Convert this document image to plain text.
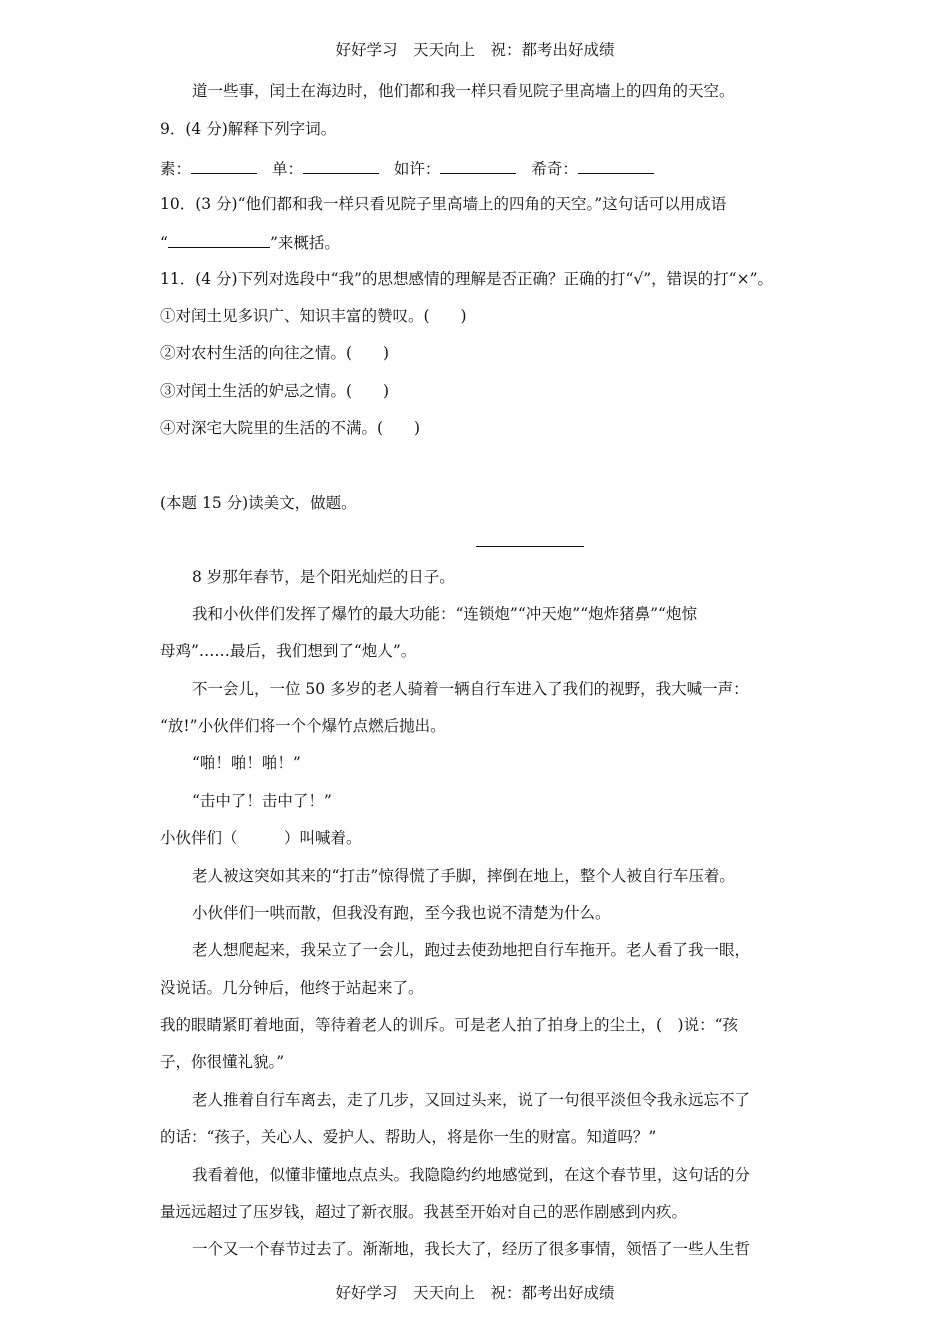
好好学习　天天向上　祝：都考出好成绩
道一些事，闰土在海边时，他们都和我一样只看见院子里高墙上的四角的天空。
9．(4 分)解释下列字词。
素：	单：	如许：	希奇：
10．(3 分)“他们都和我一样只看见院子里高墙上的四角的天空。”这句话可以用成语
“	”来概括。
11．(4 分)下列对选段中“我”的思想感情的理解是否正确？正确的打“√”，错误的打“×”。
①对闰土见多识广、知识丰富的赞叹。(　　)
②对农村生活的向往之情。(　　)
③对闰土生活的妒忌之情。(　　)
④对深宅大院里的生活的不满。(　　)
(本题 15 分)读美文，做题。
8 岁那年春节，是个阳光灿烂的日子。
我和小伙伴们发挥了爆竹的最大功能：“连锁炮”“冲天炮”“炮炸猪鼻”“炮惊
母鸡”……最后，我们想到了“炮人”。
不一会儿，一位 50 多岁的老人骑着一辆自行车进入了我们的视野，我大喊一声：
“放!”小伙伴们将一个个爆竹点燃后抛出。
“啪！啪！啪！”
“击中了！击中了！”
小伙伴们（　　　）叫喊着。
老人被这突如其来的“打击”惊得慌了手脚，摔倒在地上，整个人被自行车压着。
小伙伴们一哄而散，但我没有跑，至今我也说不清楚为什么。
老人想爬起来，我呆立了一会儿，跑过去使劲地把自行车拖开。老人看了我一眼，
没说话。几分钟后，他终于站起来了。
我的眼睛紧盯着地面，等待着老人的训斥。可是老人拍了拍身上的尘土，(　)说：“孩
子，你很懂礼貌。”
老人推着自行车离去，走了几步，又回过头来，说了一句很平淡但令我永远忘不了
的话：“孩子，关心人、爱护人、帮助人，将是你一生的财富。知道吗？”
我看着他，似懂非懂地点点头。我隐隐约约地感觉到，在这个春节里，这句话的分
量远远超过了压岁钱，超过了新衣服。我甚至开始对自己的恶作剧感到内疚。
一个又一个春节过去了。渐渐地，我长大了，经历了很多事情，领悟了一些人生哲
好好学习　天天向上　祝：都考出好成绩
